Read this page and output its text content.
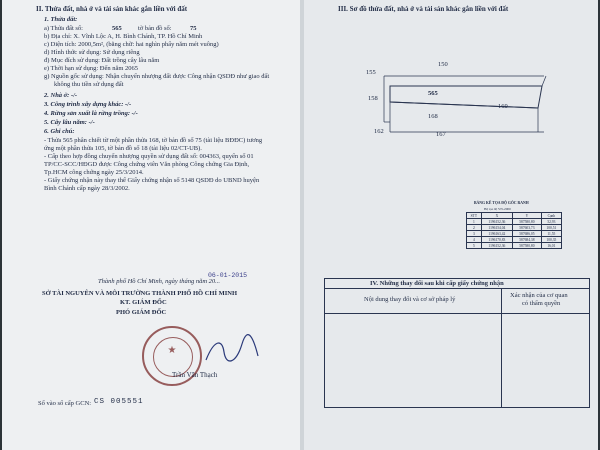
II. Thửa đất, nhà ở và tài sản khác gắn liền với đất
1. Thửa đất:
a) Thửa đất số:	565	tờ bản đồ số:	75
b) Địa chỉ: X. Vĩnh Lộc A, H. Bình Chánh, TP. Hồ Chí Minh
c) Diện tích: 2000,5m², (bằng chữ: hai nghìn phẩy năm mét vuông)
d) Hình thức sử dụng: Sử dụng riêng
đ) Mục đích sử dụng: Đất trồng cây lâu năm
e) Thời hạn sử dụng: Đến năm 2065
g) Nguồn gốc sử dụng: Nhận chuyển nhượng đất được Công nhận QSDĐ như giao đất
không thu tiền sử dụng đất
2. Nhà ở: -/-
3. Công trình xây dựng khác: -/-
4. Rừng sản xuất là rừng trồng: -/-
5. Cây lâu năm: -/-
6. Ghi chú:
- Thửa 565 phân chiết từ một phần thửa 168, tờ bản đồ số 75 (tài liệu BĐĐC) tương
ứng một phần thửa 105, tờ bản đồ số 18 (tài liệu 02/CT-UB).
- Cấp theo hợp đồng chuyển nhượng quyền sử dụng đất số: 004363, quyển số 01
TP/CC-SCC/HĐGD được Công chứng viên Văn phòng Công chứng Gia Định,
Tp.HCM công chứng ngày 25/3/2014.
- Giấy chứng nhận này thay thế Giấy chứng nhận số 5148 QSDĐ do UBND huyện
Bình Chánh cấp ngày 28/3/2002.
Thành phố Hồ Chí Minh, ngày tháng năm 20...
06-01-2015
SỞ TÀI NGUYÊN VÀ MÔI TRƯỜNG THÀNH PHỐ HỒ CHÍ MINH
KT. GIÁM ĐỐC
PHÓ GIÁM ĐỐC
★
Trần Văn Thạch
Số vào sổ cấp GCN: CS 005551
III. Sơ đồ thửa đất, nhà ở và tài sản khác gắn liền với đất
150
155
158
565
168
169
162	167
BẢNG KÊ TỌA ĐỘ GÓC RANH
Hệ tọa độ VN-2000
STT	X	Y	Cạnh
1	1196152,36	587580,80	52,93
2	1196154,04	587603,73	100,51
3	1196163,42	587686,05	11,55
4	1196170,83	587684,38	100,35
5	1196152,36	587580,80	16,01
IV. Những thay đổi sau khi cấp giấy chứng nhận
Nội dung thay đổi và cơ sở pháp lý
Xác nhận của cơ quan
có thẩm quyền
